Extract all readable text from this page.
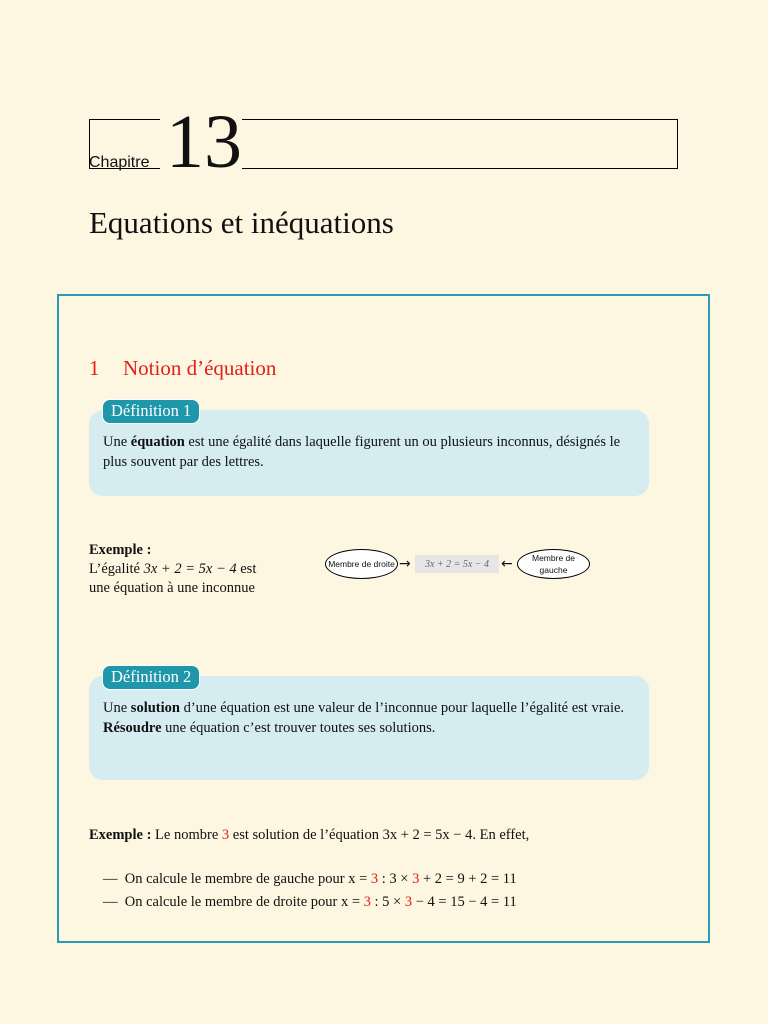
Chapitre 13
Equations et inéquations
1 Notion d’équation
Une équation est une égalité dans laquelle figurent un ou plusieurs inconnus, désignés le plus souvent par des lettres.
Définition 1
Exemple :
L’égalité 3x + 2 = 5x − 4 est
une équation à une inconnue
Membre de droite →	3x + 2 = 5x − 4 ←	Membre de gauche
Une solution d’une équation est une valeur de l’inconnue pour laquelle l’égalité est vraie.
Résoudre une équation c’est trouver toutes ses solutions.
Définition 2
Exemple : Le nombre 3 est solution de l’équation 3x + 2 = 5x − 4. En effet,
— On calcule le membre de gauche pour x = 3 : 3 × 3 + 2 = 9 + 2 = 11
— On calcule le membre de droite pour x = 3 : 5 × 3 − 4 = 15 − 4 = 11
